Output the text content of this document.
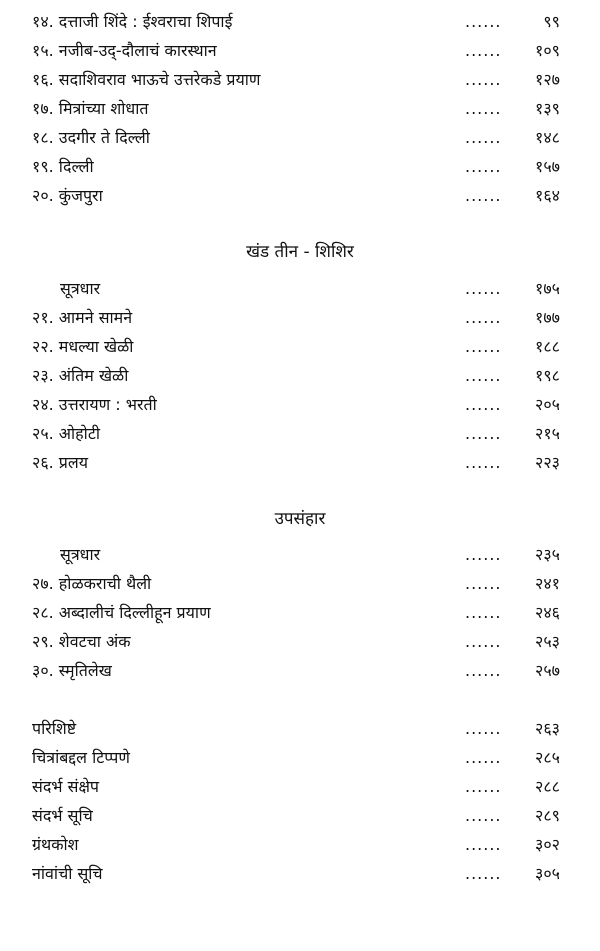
१४. दत्ताजी शिंदे : ईश्वराचा शिपाई	......	९९
१५. नजीब-उद्-दौलाचं कारस्थान	...... १०९
१६. सदाशिवराव भाऊचे उत्तरेकडे प्रयाण	...... १२७
१७. मित्रांच्या शोधात	...... १३९
१८. उदगीर ते दिल्ली	...... १४८
१९. दिल्ली	...... १५७
२०. कुंजपुरा	...... १६४
खंड तीन - शिशिर
सूत्रधार	...... १७५
२१. आमने सामने	...... १७७
२२. मधल्या खेळी	...... १८८
२३. अंतिम खेळी	...... १९८
२४. उत्तरायण : भरती	...... २०५
२५. ओहोटी	...... २१५
२६. प्रलय	...... २२३
उपसंहार
सूत्रधार	...... २३५
२७. होळकराची थैली	...... २४१
२८. अब्दालीचं दिल्लीहून प्रयाण	...... २४६
२९. शेवटचा अंक	...... २५३
३०. स्मृतिलेख	...... २५७
परिशिष्टे	...... २६३
चित्रांबद्दल टिप्पणे	...... २८५
संदर्भ संक्षेप	...... २८८
संदर्भ सूचि	...... २८९
ग्रंथकोश	...... ३०२
नांवांची सूचि	...... ३०५
